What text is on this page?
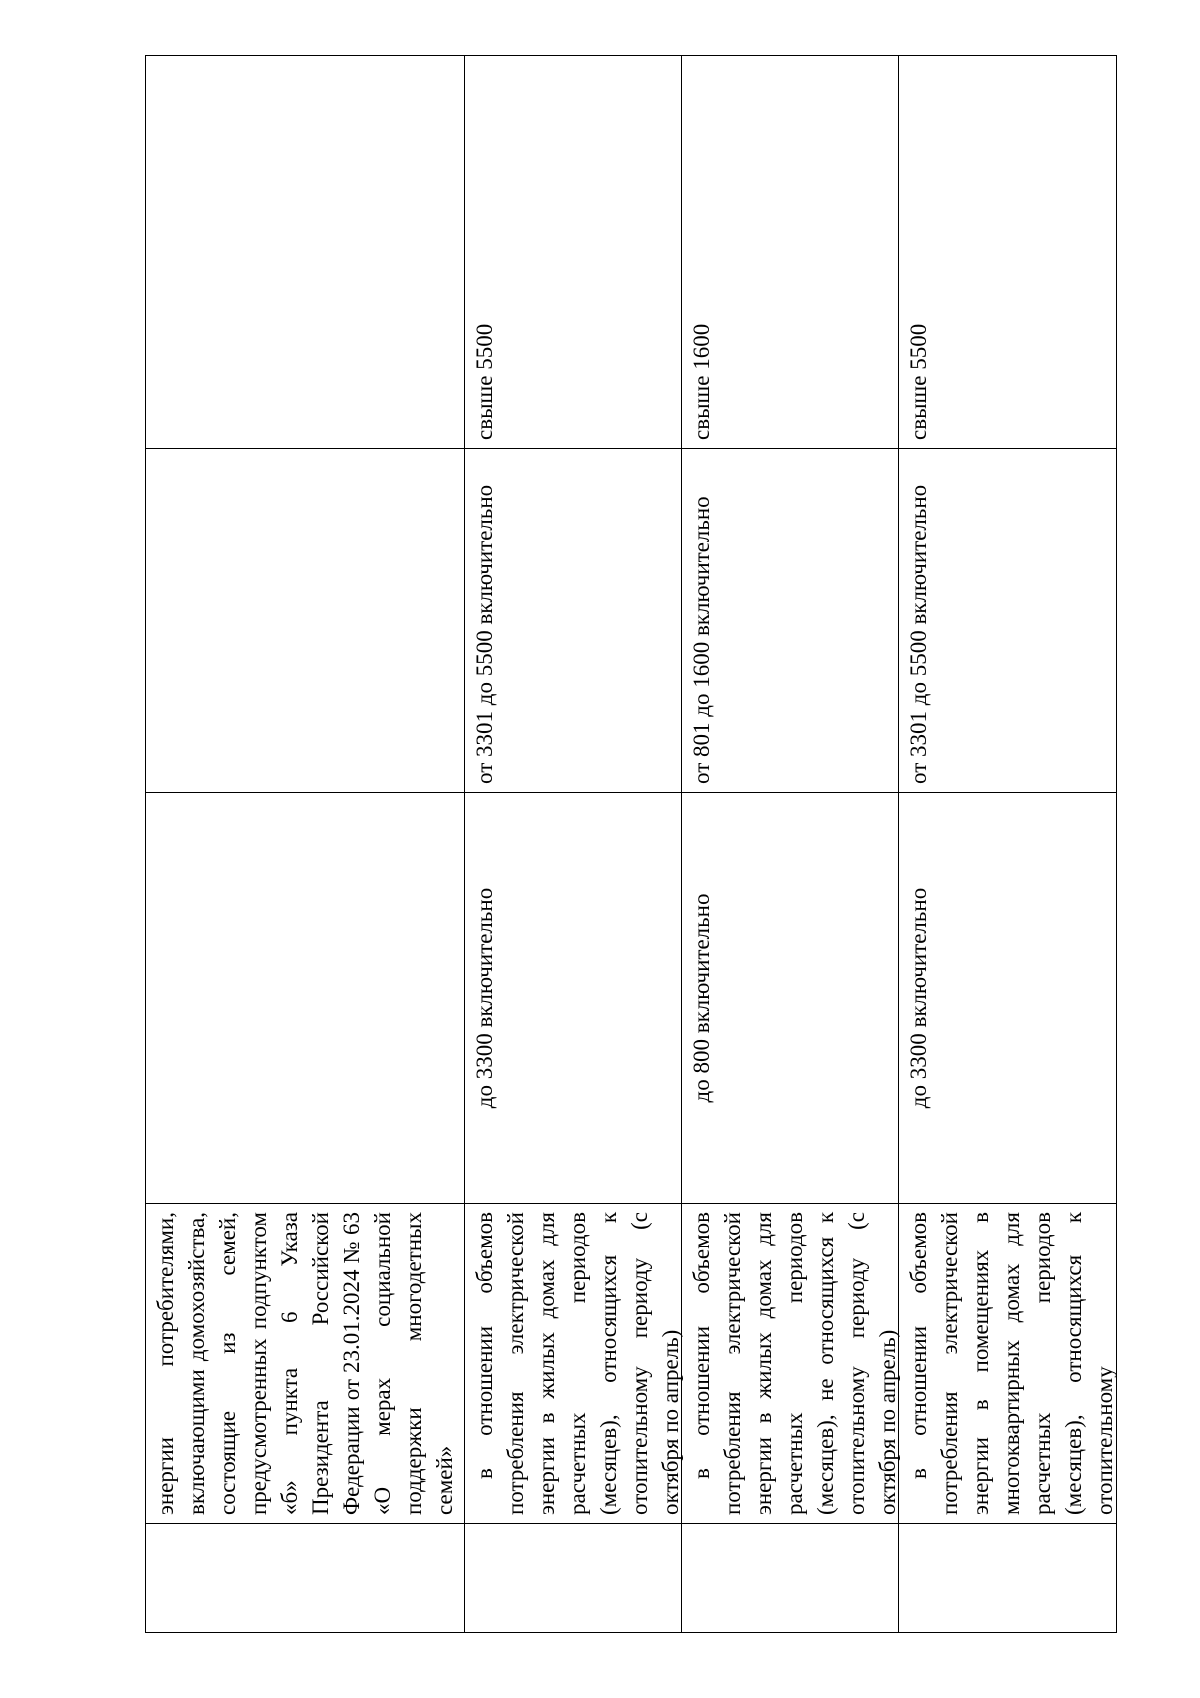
	энергии потребителями, включающими домохозяйства, состоящие из семей, предусмотренных подпунктом «б» пункта 6 Указа Президента Российской Федерации от 23.01.2024 № 63 «О мерах социальной поддержки многодетных семей»			

	в отношении объемов потребления электрической энергии в жилых домах для расчетных периодов (месяцев), относящихся к отопительному периоду (с октября по апрель)	до 3300 включительно	от 3301 до 5500 включительно	свыше 5500

	в отношении объемов потребления электрической энергии в жилых домах для расчетных периодов (месяцев), не относящихся к отопительному периоду (с октября по апрель)	до 800 включительно	от 801 до 1600 включительно	свыше 1600

	в отношении объемов потребления электрической энергии в помещениях в многоквартирных домах для расчетных периодов (месяцев), относящихся к отопительному	до 3300 включительно	от 3301 до 5500 включительно	свыше 5500
